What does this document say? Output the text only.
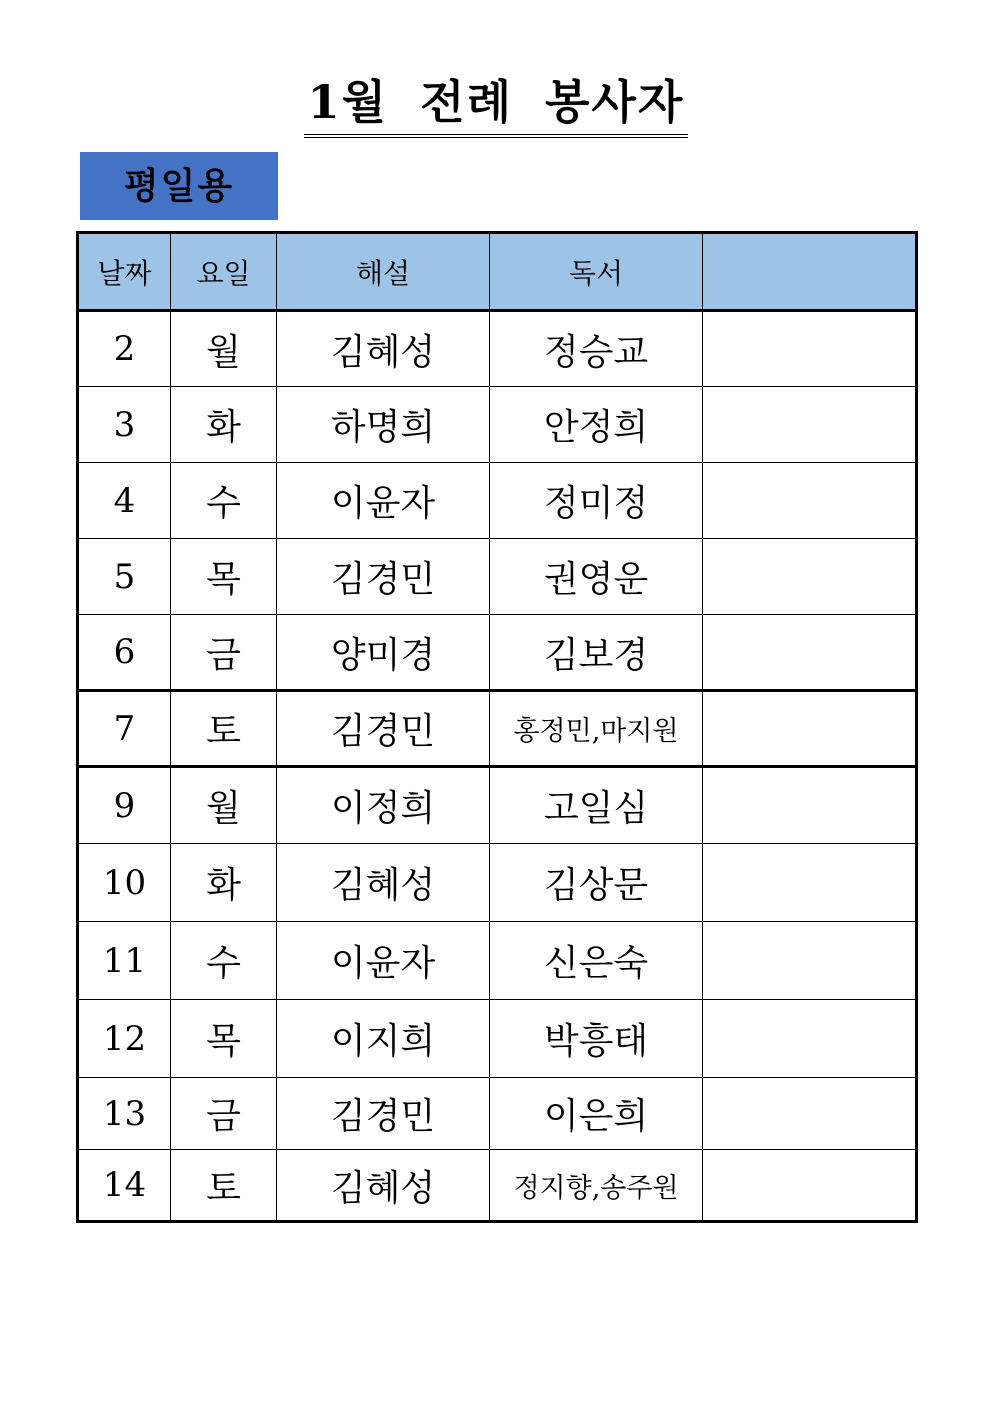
1월 전례 봉사자
평일용
날짜	요일	해설	독서	
2	월	김혜성	정승교	
3	화	하명희	안정희	
4	수	이윤자	정미정	
5	목	김경민	권영운	
6	금	양미경	김보경	
7	토	김경민	홍정민,마지원	
9	월	이정희	고일심	
10	화	김혜성	김상문	
11	수	이윤자	신은숙	
12	목	이지희	박흥태	
13	금	김경민	이은희	
14	토	김혜성	정지향,송주원	
